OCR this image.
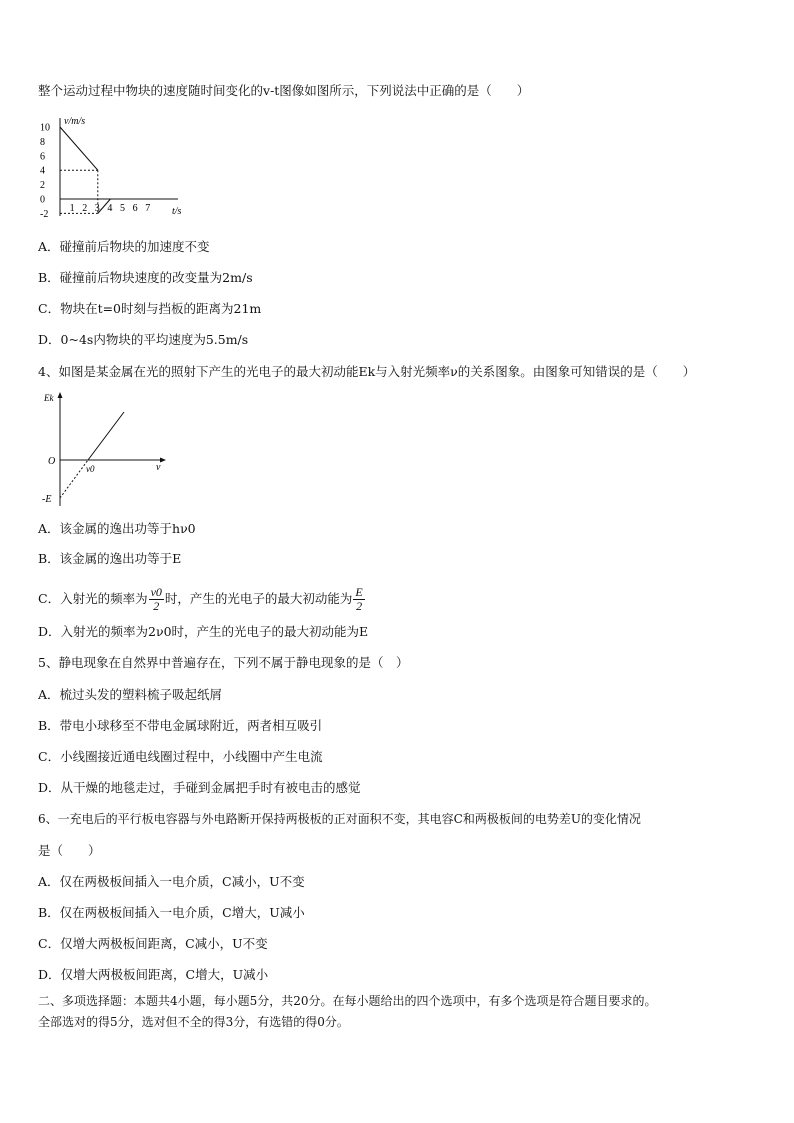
整个运动过程中物块的速度随时间变化的v-t图像如图所示，下列说法中正确的是（　　）
10
8
6
4
2
0
-2
1 2 3 4 5 6 7
v/m/s
t/s
A．碰撞前后物块的加速度不变
B．碰撞前后物块速度的改变量为2m/s
C．物块在t=0时刻与挡板的距离为21m
D．0~4s内物块的平均速度为5.5m/s
4、如图是某金属在光的照射下产生的光电子的最大初动能Ek与入射光频率ν的关系图象。由图象可知错误的是（　　）
Ek
O
ν0	ν
-E
A．该金属的逸出功等于hν0
B．该金属的逸出功等于E
C．入射光的频率为 $\frac{\nu 0}{2}$ 时，产生的光电子的最大初动能为 $\frac{E}{2}$
D．入射光的频率为2ν0时，产生的光电子的最大初动能为E
5、静电现象在自然界中普遍存在，下列不属于静电现象的是（　）
A．梳过头发的塑料梳子吸起纸屑
B．带电小球移至不带电金属球附近，两者相互吸引
C．小线圈接近通电线圈过程中，小线圈中产生电流
D．从干燥的地毯走过，手碰到金属把手时有被电击的感觉
6、一充电后的平行板电容器与外电路断开保持两极板的正对面积不变，其电容C和两极板间的电势差U的变化情况
是（　　）
A．仅在两极板间插入一电介质，C减小，U不变
B．仅在两极板间插入一电介质，C增大，U减小
C．仅增大两极板间距离，C减小，U不变
D．仅增大两极板间距离，C增大，U减小
二、多项选择题：本题共4小题，每小题5分，共20分。在每小题给出的四个选项中，有多个选项是符合题目要求的。
全部选对的得5分，选对但不全的得3分，有选错的得0分。
